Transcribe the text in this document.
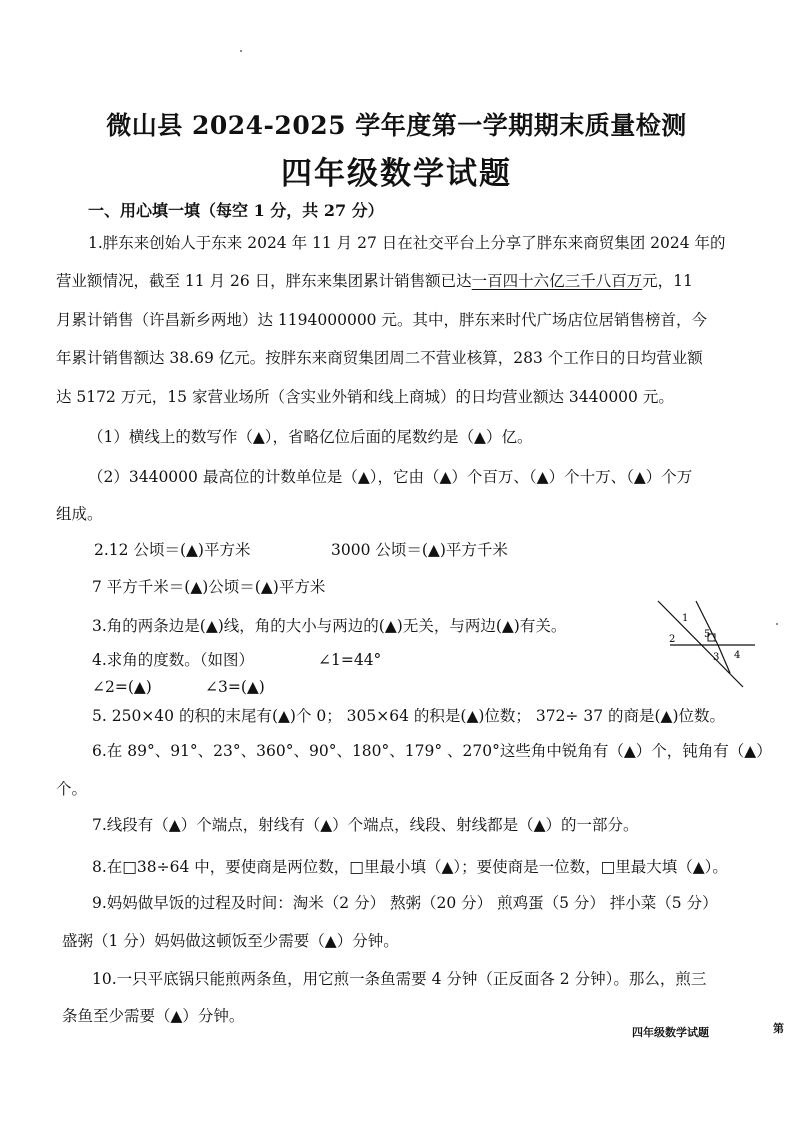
微山县 2024-2025 学年度第一学期期末质量检测
四年级数学试题
一、用心填一填（每空 1 分，共 27 分）
1.胖东来创始人于东来 2024 年 11 月 27 日在社交平台上分享了胖东来商贸集团 2024 年的
营业额情况，截至 11 月 26 日，胖东来集团累计销售额已达一百四十六亿三千八百万元，11
月累计销售（许昌新乡两地）达 1194000000 元。其中，胖东来时代广场店位居销售榜首，今
年累计销售额达 38.69 亿元。按胖东来商贸集团周二不营业核算，283 个工作日的日均营业额
达 5172 万元，15 家营业场所（含实业外销和线上商城）的日均营业额达 3440000 元。
（1）横线上的数写作（▲），省略亿位后面的尾数约是（▲）亿。
（2）3440000 最高位的计数单位是（▲），它由（▲）个百万、（▲）个十万、（▲）个万
组成。
2.12 公顷＝(▲)平方米	3000 公顷＝(▲)平方千米
7 平方千米＝(▲)公顷＝(▲)平方米
3.角的两条边是(▲)线，角的大小与两边的(▲)无关，与两边(▲)有关。
4.求角的度数。（如图）	∠1=44°
∠2=(▲)	∠3=(▲)
1
2	5
3 4
5. 250×40 的积的末尾有(▲)个 0； 305×64 的积是(▲)位数； 372÷ 37 的商是(▲)位数。
6.在 89°、91°、23°、360°、90°、180°、179° 、270°这些角中锐角有（▲）个，钝角有（▲）
个。
7.线段有（▲）个端点，射线有（▲）个端点，线段、射线都是（▲）的一部分。
8.在□38÷64 中，要使商是两位数，□里最小填（▲）；要使商是一位数，□里最大填（▲）。
9.妈妈做早饭的过程及时间：淘米（2 分） 熬粥（20 分） 煎鸡蛋（5 分） 拌小菜（5 分）
盛粥（1 分）妈妈做这顿饭至少需要（▲）分钟。
10.一只平底锅只能煎两条鱼，用它煎一条鱼需要 4 分钟（正反面各 2 分钟）。那么，煎三
条鱼至少需要（▲）分钟。
四年级数学试题	第
